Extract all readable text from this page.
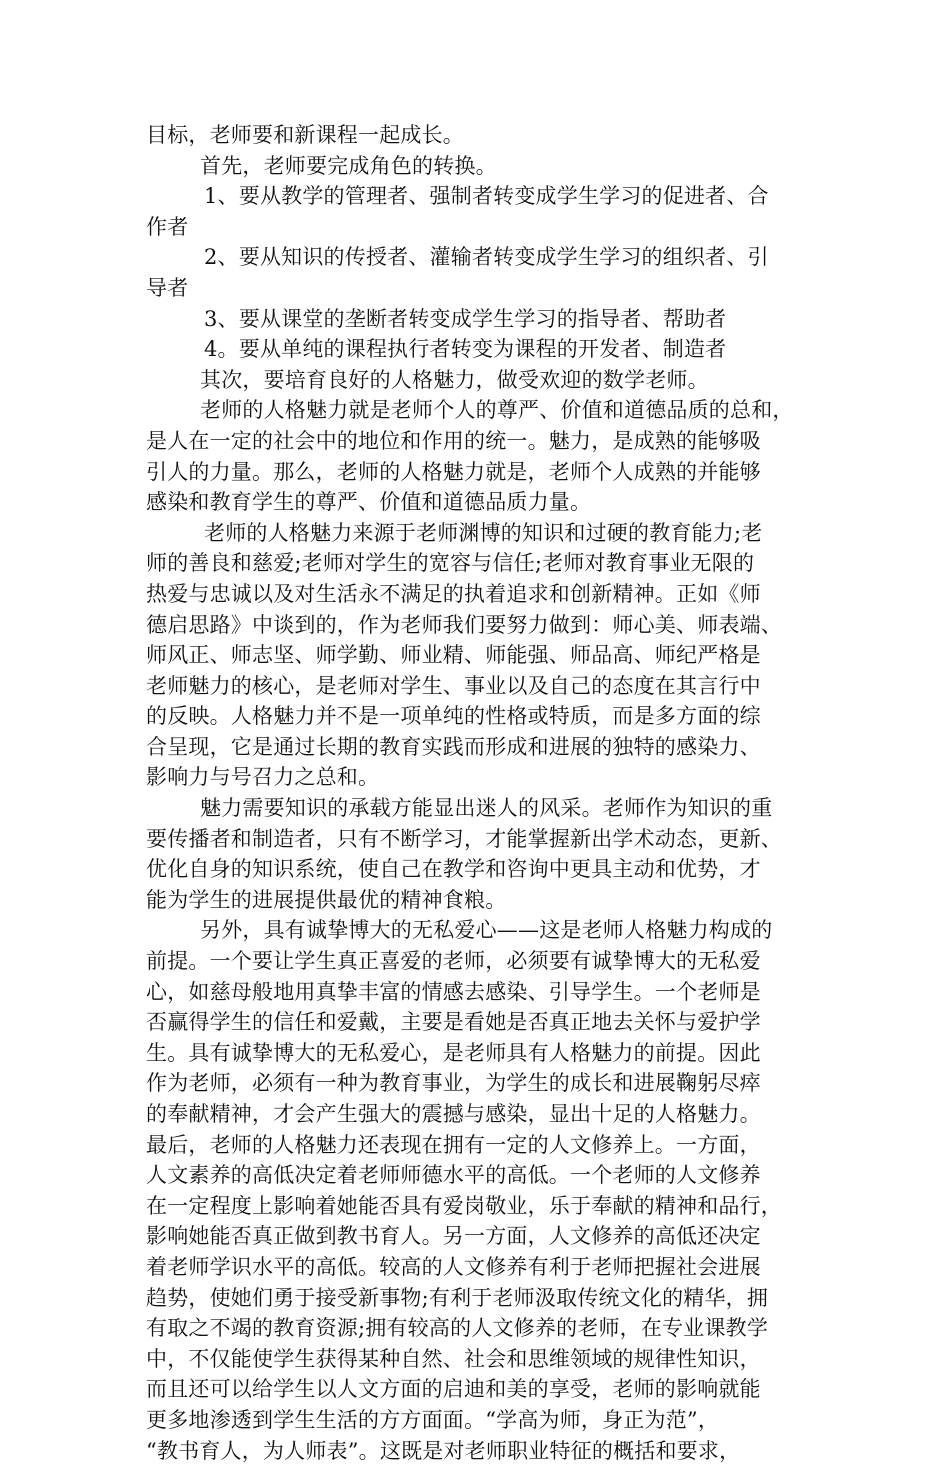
目标，老师要和新课程一起成长。
首先，老师要完成角色的转换。
1、要从教学的管理者、强制者转变成学生学习的促进者、合
作者
2、要从知识的传授者、灌输者转变成学生学习的组织者、引
导者
3、要从课堂的垄断者转变成学生学习的指导者、帮助者
4。要从单纯的课程执行者转变为课程的开发者、制造者
其次，要培育良好的人格魅力，做受欢迎的数学老师。
老师的人格魅力就是老师个人的尊严、价值和道德品质的总和，
是人在一定的社会中的地位和作用的统一。魅力，是成熟的能够吸
引人的力量。那么，老师的人格魅力就是，老师个人成熟的并能够
感染和教育学生的尊严、价值和道德品质力量。
老师的人格魅力来源于老师渊博的知识和过硬的教育能力;老
师的善良和慈爱;老师对学生的宽容与信任;老师对教育事业无限的
热爱与忠诚以及对生活永不满足的执着追求和创新精神。正如《师
德启思路》中谈到的，作为老师我们要努力做到：师心美、师表端、
师风正、师志坚、师学勤、师业精、师能强、师品高、师纪严格是
老师魅力的核心，是老师对学生、事业以及自己的态度在其言行中
的反映。人格魅力并不是一项单纯的性格或特质，而是多方面的综
合呈现，它是通过长期的教育实践而形成和进展的独特的感染力、
影响力与号召力之总和。
魅力需要知识的承载方能显出迷人的风采。老师作为知识的重
要传播者和制造者，只有不断学习，才能掌握新出学术动态，更新、
优化自身的知识系统，使自己在教学和咨询中更具主动和优势，才
能为学生的进展提供最优的精神食粮。
另外，具有诚挚博大的无私爱心——这是老师人格魅力构成的
前提。一个要让学生真正喜爱的老师，必须要有诚挚博大的无私爱
心，如慈母般地用真挚丰富的情感去感染、引导学生。一个老师是
否赢得学生的信任和爱戴，主要是看她是否真正地去关怀与爱护学
生。具有诚挚博大的无私爱心，是老师具有人格魅力的前提。因此
作为老师，必须有一种为教育事业，为学生的成长和进展鞠躬尽瘁
的奉献精神，才会产生强大的震撼与感染，显出十足的人格魅力。
最后，老师的人格魅力还表现在拥有一定的人文修养上。一方面，
人文素养的高低决定着老师师德水平的高低。一个老师的人文修养
在一定程度上影响着她能否具有爱岗敬业，乐于奉献的精神和品行，
影响她能否真正做到教书育人。另一方面，人文修养的高低还决定
着老师学识水平的高低。较高的人文修养有利于老师把握社会进展
趋势，使她们勇于接受新事物;有利于老师汲取传统文化的精华，拥
有取之不竭的教育资源;拥有较高的人文修养的老师，在专业课教学
中，不仅能使学生获得某种自然、社会和思维领域的规律性知识，
而且还可以给学生以人文方面的启迪和美的享受，老师的影响就能
更多地渗透到学生生活的方方面面。“学高为师，身正为范”，
“教书育人，为人师表”。这既是对老师职业特征的概括和要求，
